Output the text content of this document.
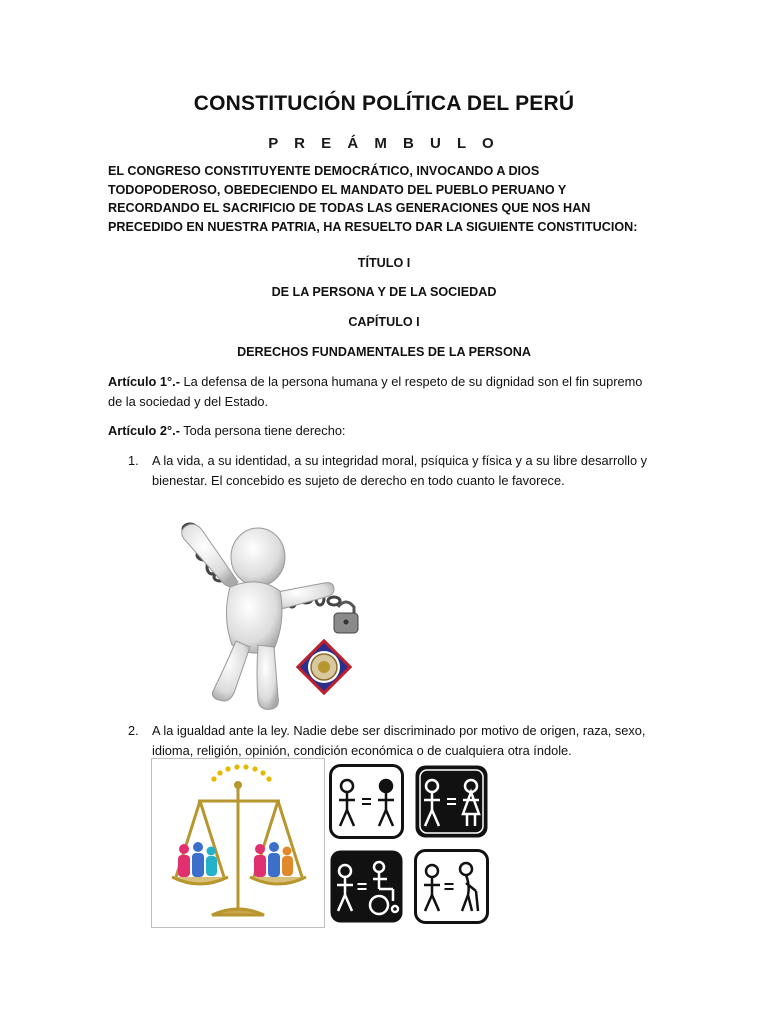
CONSTITUCIÓN POLÍTICA DEL PERÚ
P R E Á M B U L O
EL CONGRESO CONSTITUYENTE DEMOCRÁTICO, INVOCANDO A DIOS TODOPODEROSO, OBEDECIENDO EL MANDATO DEL PUEBLO PERUANO Y RECORDANDO EL SACRIFICIO DE TODAS LAS GENERACIONES QUE NOS HAN PRECEDIDO EN NUESTRA PATRIA, HA RESUELTO DAR LA SIGUIENTE CONSTITUCION:
TÍTULO I
DE LA PERSONA Y DE LA SOCIEDAD
CAPÍTULO I
DERECHOS FUNDAMENTALES DE LA PERSONA
Artículo 1°.- La defensa de la persona humana y el respeto de su dignidad son el fin supremo de la sociedad y del Estado.
Artículo 2°.- Toda persona tiene derecho:
1. A la vida, a su identidad, a su integridad moral, psíquica y física y a su libre desarrollo y bienestar. El concebido es sujeto de derecho en todo cuanto le favorece.
2. A la igualdad ante la ley. Nadie debe ser discriminado por motivo de origen, raza, sexo, idioma, religión, opinión, condición económica o de cualquiera otra índole.
=	=
=	=
